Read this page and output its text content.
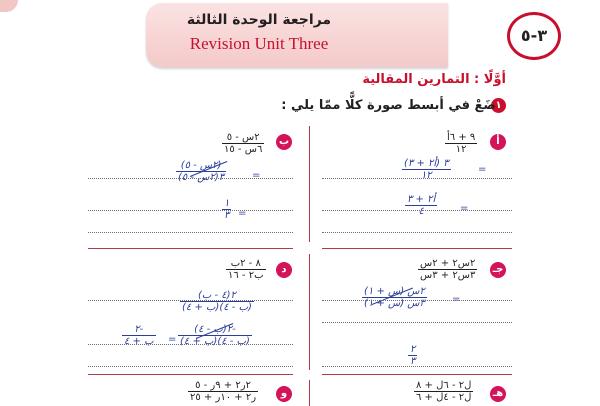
مراجعة الوحدة الثالثة
Revision Unit Three	٣-٥
أوَّلًا : التمارين المقالية
١
ضَعْ في أبسط صورة كلًّا ممّا يلي :
أ
٩ + ٦أ
١٢
=
٣ (أ٢ + ٣)
١٢
=
أ٢ + ٣
٤
ب
٢س - ٥
٦س - ١٥
=
(٢س - ٥)
٣(٢س - ٥)
=
١
٣
جـ
٢س٢ + ٢س
٣س٢ + ٣س
=
٢س (س + ١)
٣س (س + ١)
٢
٣
د
٨ - ٢ب
ب٢ - ١٦
٢(٤ - ب)
(ب - ٤)(ب + ٤)
=
-٢(ب - ٤)
(ب - ٤)(ب + ٤)
-٢
ب + ٤
هـ
ل٢ - ٦ل + ٨
ل٢ - ٤ل + ٦
و
٢ر٢ + ٩ر - ٥
ر٢ + ١٠ر + ٢٥
